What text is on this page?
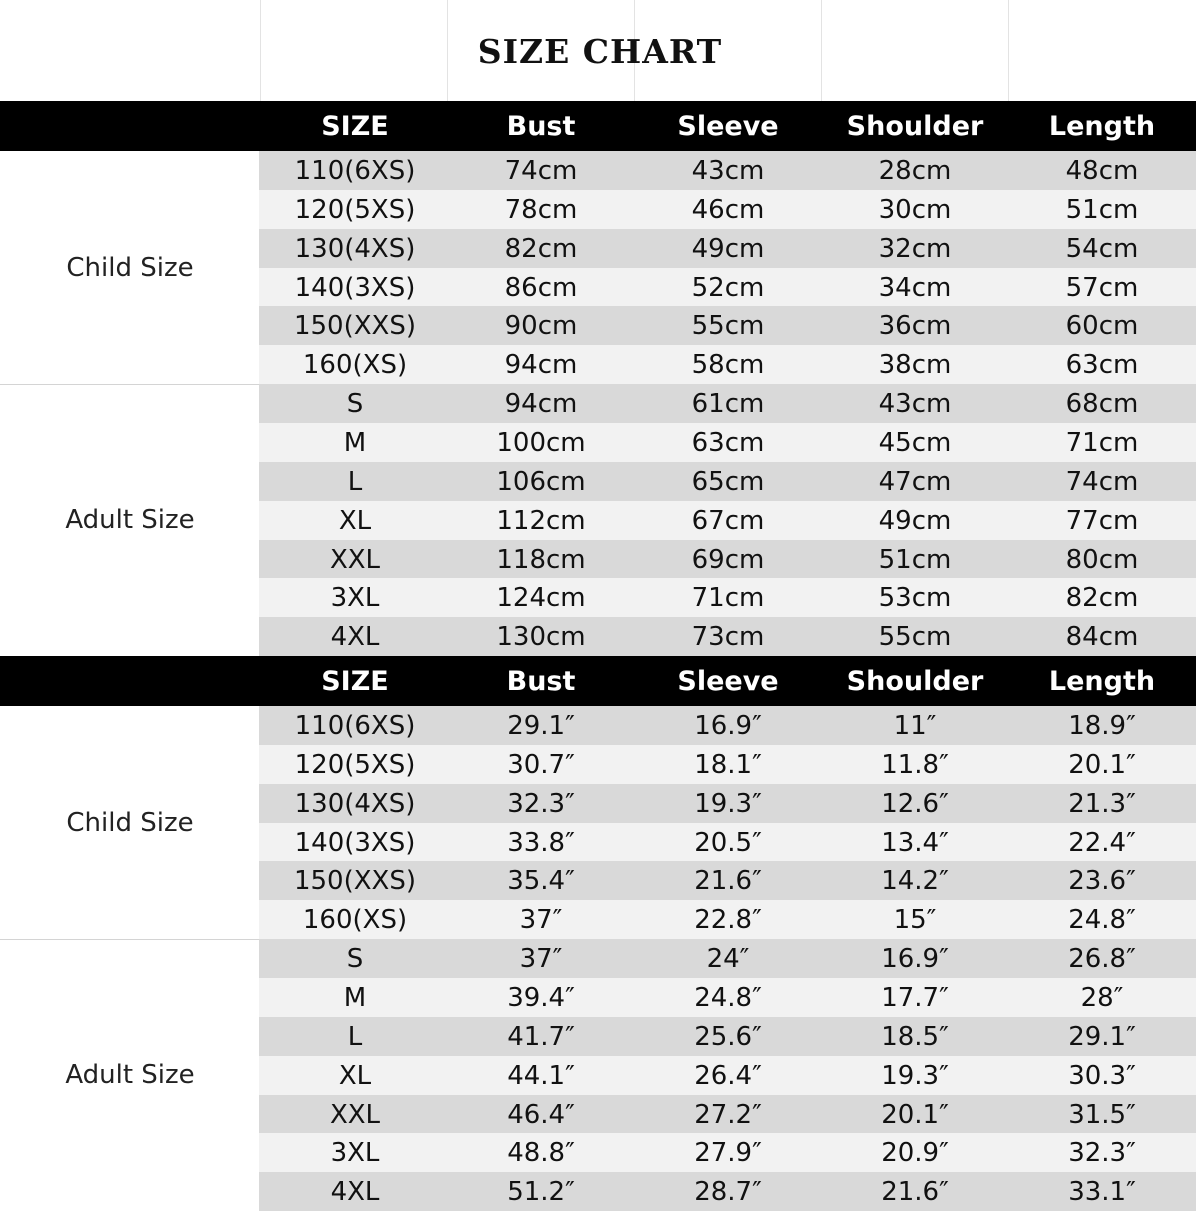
SIZE CHART
SIZE	Bust	Sleeve	Shoulder	Length
Child Size
110(6XS)	74cm	43cm	28cm	48cm
120(5XS)	78cm	46cm	30cm	51cm
130(4XS)	82cm	49cm	32cm	54cm
140(3XS)	86cm	52cm	34cm	57cm
150(XXS)	90cm	55cm	36cm	60cm
160(XS)	94cm	58cm	38cm	63cm
Adult Size
S	94cm	61cm	43cm	68cm
M	100cm	63cm	45cm	71cm
L	106cm	65cm	47cm	74cm
XL	112cm	67cm	49cm	77cm
XXL	118cm	69cm	51cm	80cm
3XL	124cm	71cm	53cm	82cm
4XL	130cm	73cm	55cm	84cm
SIZE	Bust	Sleeve	Shoulder	Length
Child Size
110(6XS)	29.1″	16.9″	11″	18.9″
120(5XS)	30.7″	18.1″	11.8″	20.1″
130(4XS)	32.3″	19.3″	12.6″	21.3″
140(3XS)	33.8″	20.5″	13.4″	22.4″
150(XXS)	35.4″	21.6″	14.2″	23.6″
160(XS)	37″	22.8″	15″	24.8″
Adult Size
S	37″	24″	16.9″	26.8″
M	39.4″	24.8″	17.7″	28″
L	41.7″	25.6″	18.5″	29.1″
XL	44.1″	26.4″	19.3″	30.3″
XXL	46.4″	27.2″	20.1″	31.5″
3XL	48.8″	27.9″	20.9″	32.3″
4XL	51.2″	28.7″	21.6″	33.1″
